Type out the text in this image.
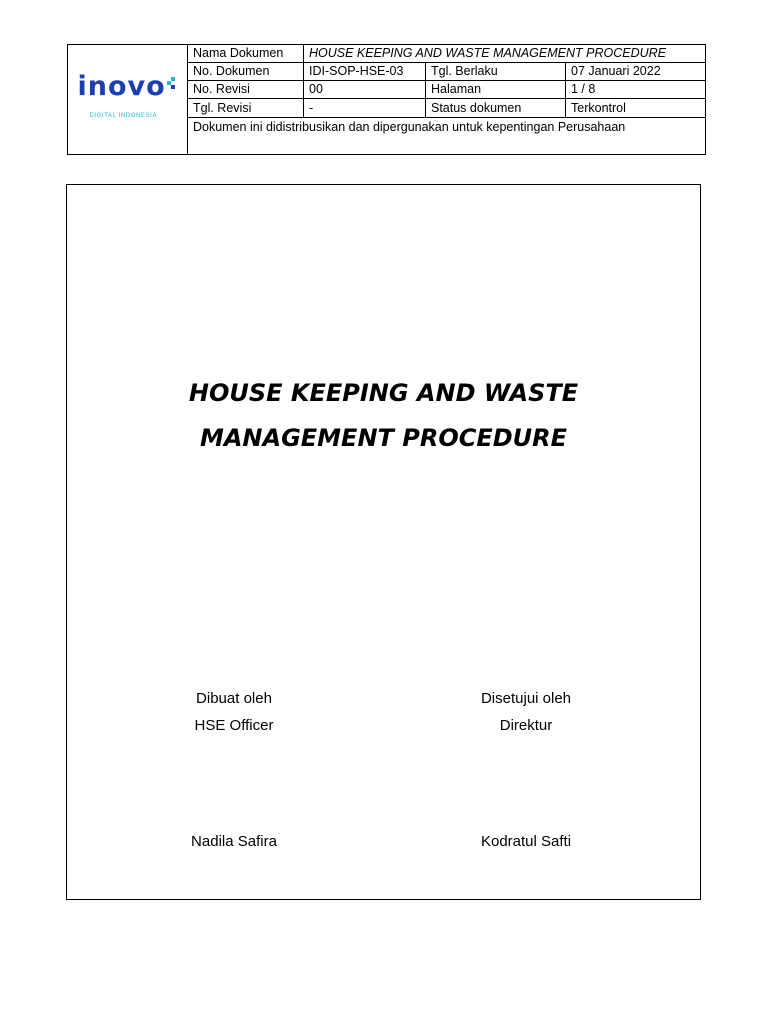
inovo
DIGITAL INDONESIA	Nama Dokumen	HOUSE KEEPING AND WASTE MANAGEMENT PROCEDURE		
	No. Dokumen	IDI-SOP-HSE-03	Tgl. Berlaku	07 Januari 2022
	No. Revisi	00	Halaman	1 / 8
	Tgl. Revisi	-	Status dokumen	Terkontrol
	Dokumen ini didistribusikan dan dipergunakan untuk kepentingan Perusahaan			
HOUSE KEEPING AND WASTE
MANAGEMENT PROCEDURE
Dibuat oleh
HSE Officer
Nadila Safira
Disetujui oleh
Direktur
Kodratul Safti
